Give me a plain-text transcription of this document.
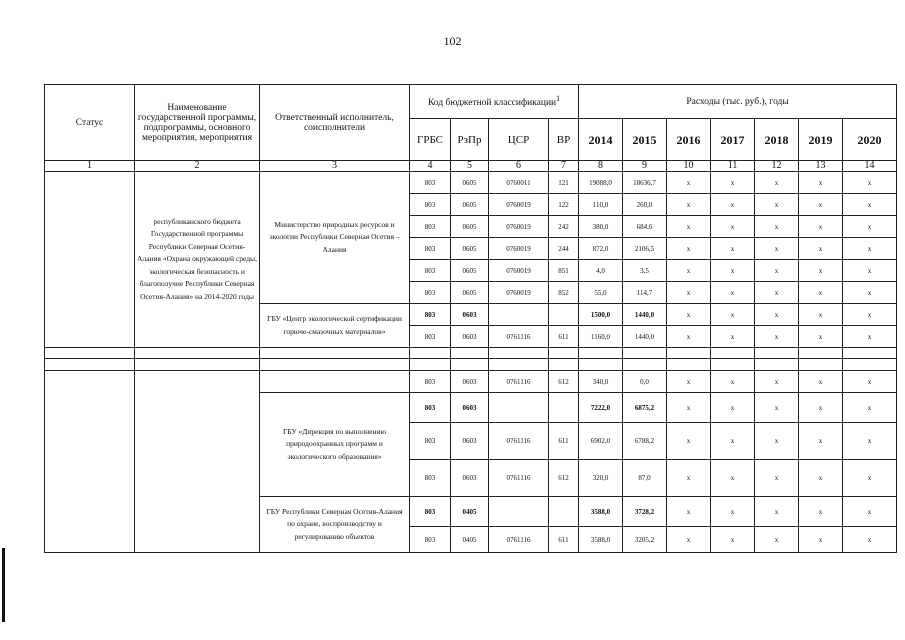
102
Статус	Наименование государственной программы, подпрограммы, основного мероприятия, мероприятия	Ответственный исполнитель, соисполнители	Код бюджетной классификации$^1$				Расходы (тыс. руб.), годы						
			ГРБС	РзПр	ЦСР	ВР	2014	2015	2016	2017	2018	2019	2020
1	2	3	4	5	6	7	8	9	10	11	12	13	14
	республиканского бюджета Государственной программы Республики Северная Осетия-Алания «Охрана окружающей среды, экологическая безопасность и благополучие Республики Северная Осетия-Алания» на 2014-2020 годы	Министерство природных ресурсов и экологии Республики Северная Осетия – Алания	803	0605	0760011	121	19088,0	18636,7	х	х	х	х	х
			803	0605	0760019	122	110,0	260,0	х	х	х	х	х
			803	0605	0760019	242	380,0	684,6	х	х	х	х	х
			803	0605	0760019	244	872,0	2106,5	х	х	х	х	х
			803	0605	0760019	851	4,0	3,5	х	х	х	х	х
			803	0605	0760019	852	55,0	114,7	х	х	х	х	х
		ГБУ «Центр экологической сертификации горюче-смазочных материалов»	803	0603			1500,0	1440,0	х	х	х	х	х
			803	0603	0761116	611	1160,0	1440,0	х	х	х	х	х

			803	0603	0761116	612	340,0	0,0	х	х	х	х	х
		ГБУ «Дирекция по выполнению природоохранных программ и экологического образования»	803	0603			7222,0	6875,2	х	х	х	х	х
			803	0603	0761116	611	6902,0	6788,2	х	х	х	х	х
			803	0603	0761116	612	320,0	87,0	х	х	х	х	х
		ГБУ Республики Северная Осетия-Алания по охране, воспроизводству и регулированию объектов	803	0405			3588,0	3728,2	х	х	х	х	х
			803	0405	0761116	611	3588,0	3205,2	х	х	х	х	х
